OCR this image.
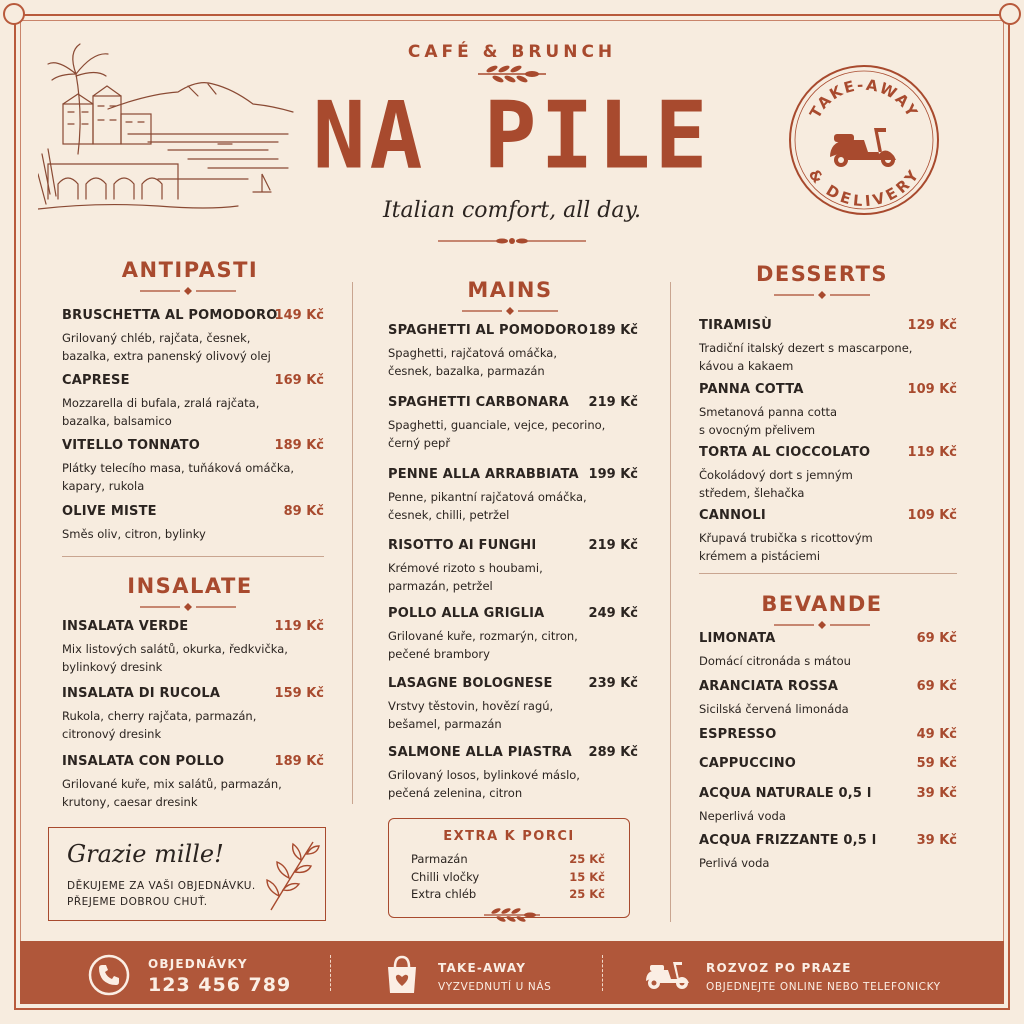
CAFÉ & BRUNCH
NA PILE
Italian comfort, all day.
TAKE-AWAY
& DELIVERY
ANTIPASTI
BRUSCHETTA AL POMODORO
149 Kč
Grilovaný chléb, rajčata, česnek,
bazalka, extra panenský olivový olej
CAPRESE	169 Kč
Mozzarella di bufala, zralá rajčata,
bazalka, balsamico
VITELLO TONNATO	189 Kč
Plátky telecího masa, tuňáková omáčka,
kapary, rukola
OLIVE MISTE	89 Kč
Směs oliv, citron, bylinky
INSALATE
INSALATA VERDE	119 Kč
Mix listových salátů, okurka, ředkvička,
bylinkový dresink
INSALATA DI RUCOLA	159 Kč
Rukola, cherry rajčata, parmazán,
citronový dresink
INSALATA CON POLLO	189 Kč
Grilované kuře, mix salátů, parmazán,
krutony, caesar dresink
Grazie mille!
DĚKUJEME ZA VAŠI OBJEDNÁVKU.
PŘEJEME DOBROU CHUŤ.
MAINS
SPAGHETTI AL POMODORO 189 Kč
Spaghetti, rajčatová omáčka,
česnek, bazalka, parmazán
SPAGHETTI CARBONARA	219 Kč
Spaghetti, guanciale, vejce, pecorino,
černý pepř
PENNE ALLA ARRABBIATA 199 Kč
Penne, pikantní rajčatová omáčka,
česnek, chilli, petržel
RISOTTO AI FUNGHI	219 Kč
Krémové rizoto s houbami,
parmazán, petržel
POLLO ALLA GRIGLIA	249 Kč
Grilované kuře, rozmarýn, citron,
pečené brambory
LASAGNE BOLOGNESE	239 Kč
Vrstvy těstovin, hovězí ragú,
bešamel, parmazán
SALMONE ALLA PIASTRA	289 Kč
Grilovaný losos, bylinkové máslo,
pečená zelenina, citron
EXTRA K PORCI
Parmazán	25 Kč
Chilli vločky	15 Kč
Extra chléb	25 Kč
DESSERTS
TIRAMISÙ	129 Kč
Tradiční italský dezert s mascarpone,
kávou a kakaem
PANNA COTTA	109 Kč
Smetanová panna cotta
s ovocným přelivem
TORTA AL CIOCCOLATO	119 Kč
Čokoládový dort s jemným
středem, šlehačka
CANNOLI	109 Kč
Křupavá trubička s ricottovým
krémem a pistáciemi
BEVANDE
LIMONATA	69 Kč
Domácí citronáda s mátou
ARANCIATA ROSSA	69 Kč
Sicilská červená limonáda
ESPRESSO	49 Kč
CAPPUCCINO	59 Kč
ACQUA NATURALE 0,5 l	39 Kč
Neperlivá voda
ACQUA FRIZZANTE 0,5 l	39 Kč
Perlivá voda
OBJEDNÁVKY
123 456 789
TAKE-AWAY
VYZVEDNUTÍ U NÁS
ROZVOZ PO PRAZE
OBJEDNEJTE ONLINE NEBO TELEFONICKY
